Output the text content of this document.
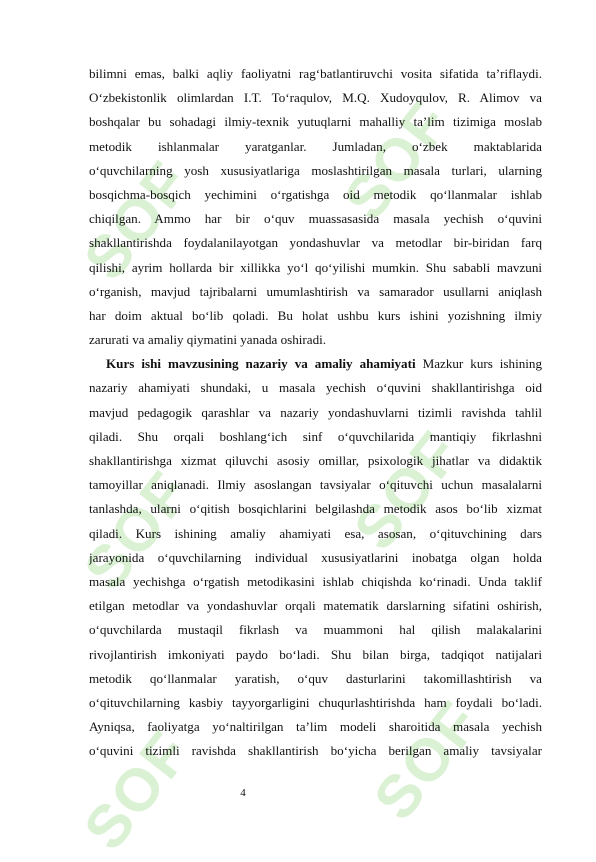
SOF SOF
SOF SOF
SOF	SOF
bilimni emas, balki aqliy faoliyatni rag‘batlantiruvchi vosita sifatida ta’riflaydi.
O‘zbekistonlik olimlardan I.T. To‘raqulov, M.Q. Xudoyqulov, R. Alimov va
boshqalar bu sohadagi ilmiy-texnik yutuqlarni mahalliy ta’lim tizimiga moslab
metodik ishlanmalar yaratganlar. Jumladan, o‘zbek maktablarida
o‘quvchilarning yosh xususiyatlariga moslashtirilgan masala turlari, ularning
bosqichma-bosqich yechimini o‘rgatishga oid metodik qo‘llanmalar ishlab
chiqilgan. Ammo har bir o‘quv muassasasida masala yechish o‘quvini
shakllantirishda foydalanilayotgan yondashuvlar va metodlar bir-biridan farq
qilishi, ayrim hollarda bir xillikka yo‘l qo‘yilishi mumkin. Shu sababli mavzuni
o‘rganish, mavjud tajribalarni umumlashtirish va samarador usullarni aniqlash
har doim aktual bo‘lib qoladi. Bu holat ushbu kurs ishini yozishning ilmiy
zarurati va amaliy qiymatini yanada oshiradi.
Kurs ishi mavzusining nazariy va amaliy ahamiyati Mazkur kurs ishining
nazariy ahamiyati shundaki, u masala yechish o‘quvini shakllantirishga oid
mavjud pedagogik qarashlar va nazariy yondashuvlarni tizimli ravishda tahlil
qiladi. Shu orqali boshlang‘ich sinf o‘quvchilarida mantiqiy fikrlashni
shakllantirishga xizmat qiluvchi asosiy omillar, psixologik jihatlar va didaktik
tamoyillar aniqlanadi. Ilmiy asoslangan tavsiyalar o‘qituvchi uchun masalalarni
tanlashda, ularni o‘qitish bosqichlarini belgilashda metodik asos bo‘lib xizmat
qiladi. Kurs ishining amaliy ahamiyati esa, asosan, o‘qituvchining dars
jarayonida o‘quvchilarning individual xususiyatlarini inobatga olgan holda
masala yechishga o‘rgatish metodikasini ishlab chiqishda ko‘rinadi. Unda taklif
etilgan metodlar va yondashuvlar orqali matematik darslarning sifatini oshirish,
o‘quvchilarda mustaqil fikrlash va muammoni hal qilish malakalarini
rivojlantirish imkoniyati paydo bo‘ladi. Shu bilan birga, tadqiqot natijalari
metodik qo‘llanmalar yaratish, o‘quv dasturlarini takomillashtirish va
o‘qituvchilarning kasbiy tayyorgarligini chuqurlashtirishda ham foydali bo‘ladi.
Ayniqsa, faoliyatga yo‘naltirilgan ta’lim modeli sharoitida masala yechish
o‘quvini tizimli ravishda shakllantirish bo‘yicha berilgan amaliy tavsiyalar
4
